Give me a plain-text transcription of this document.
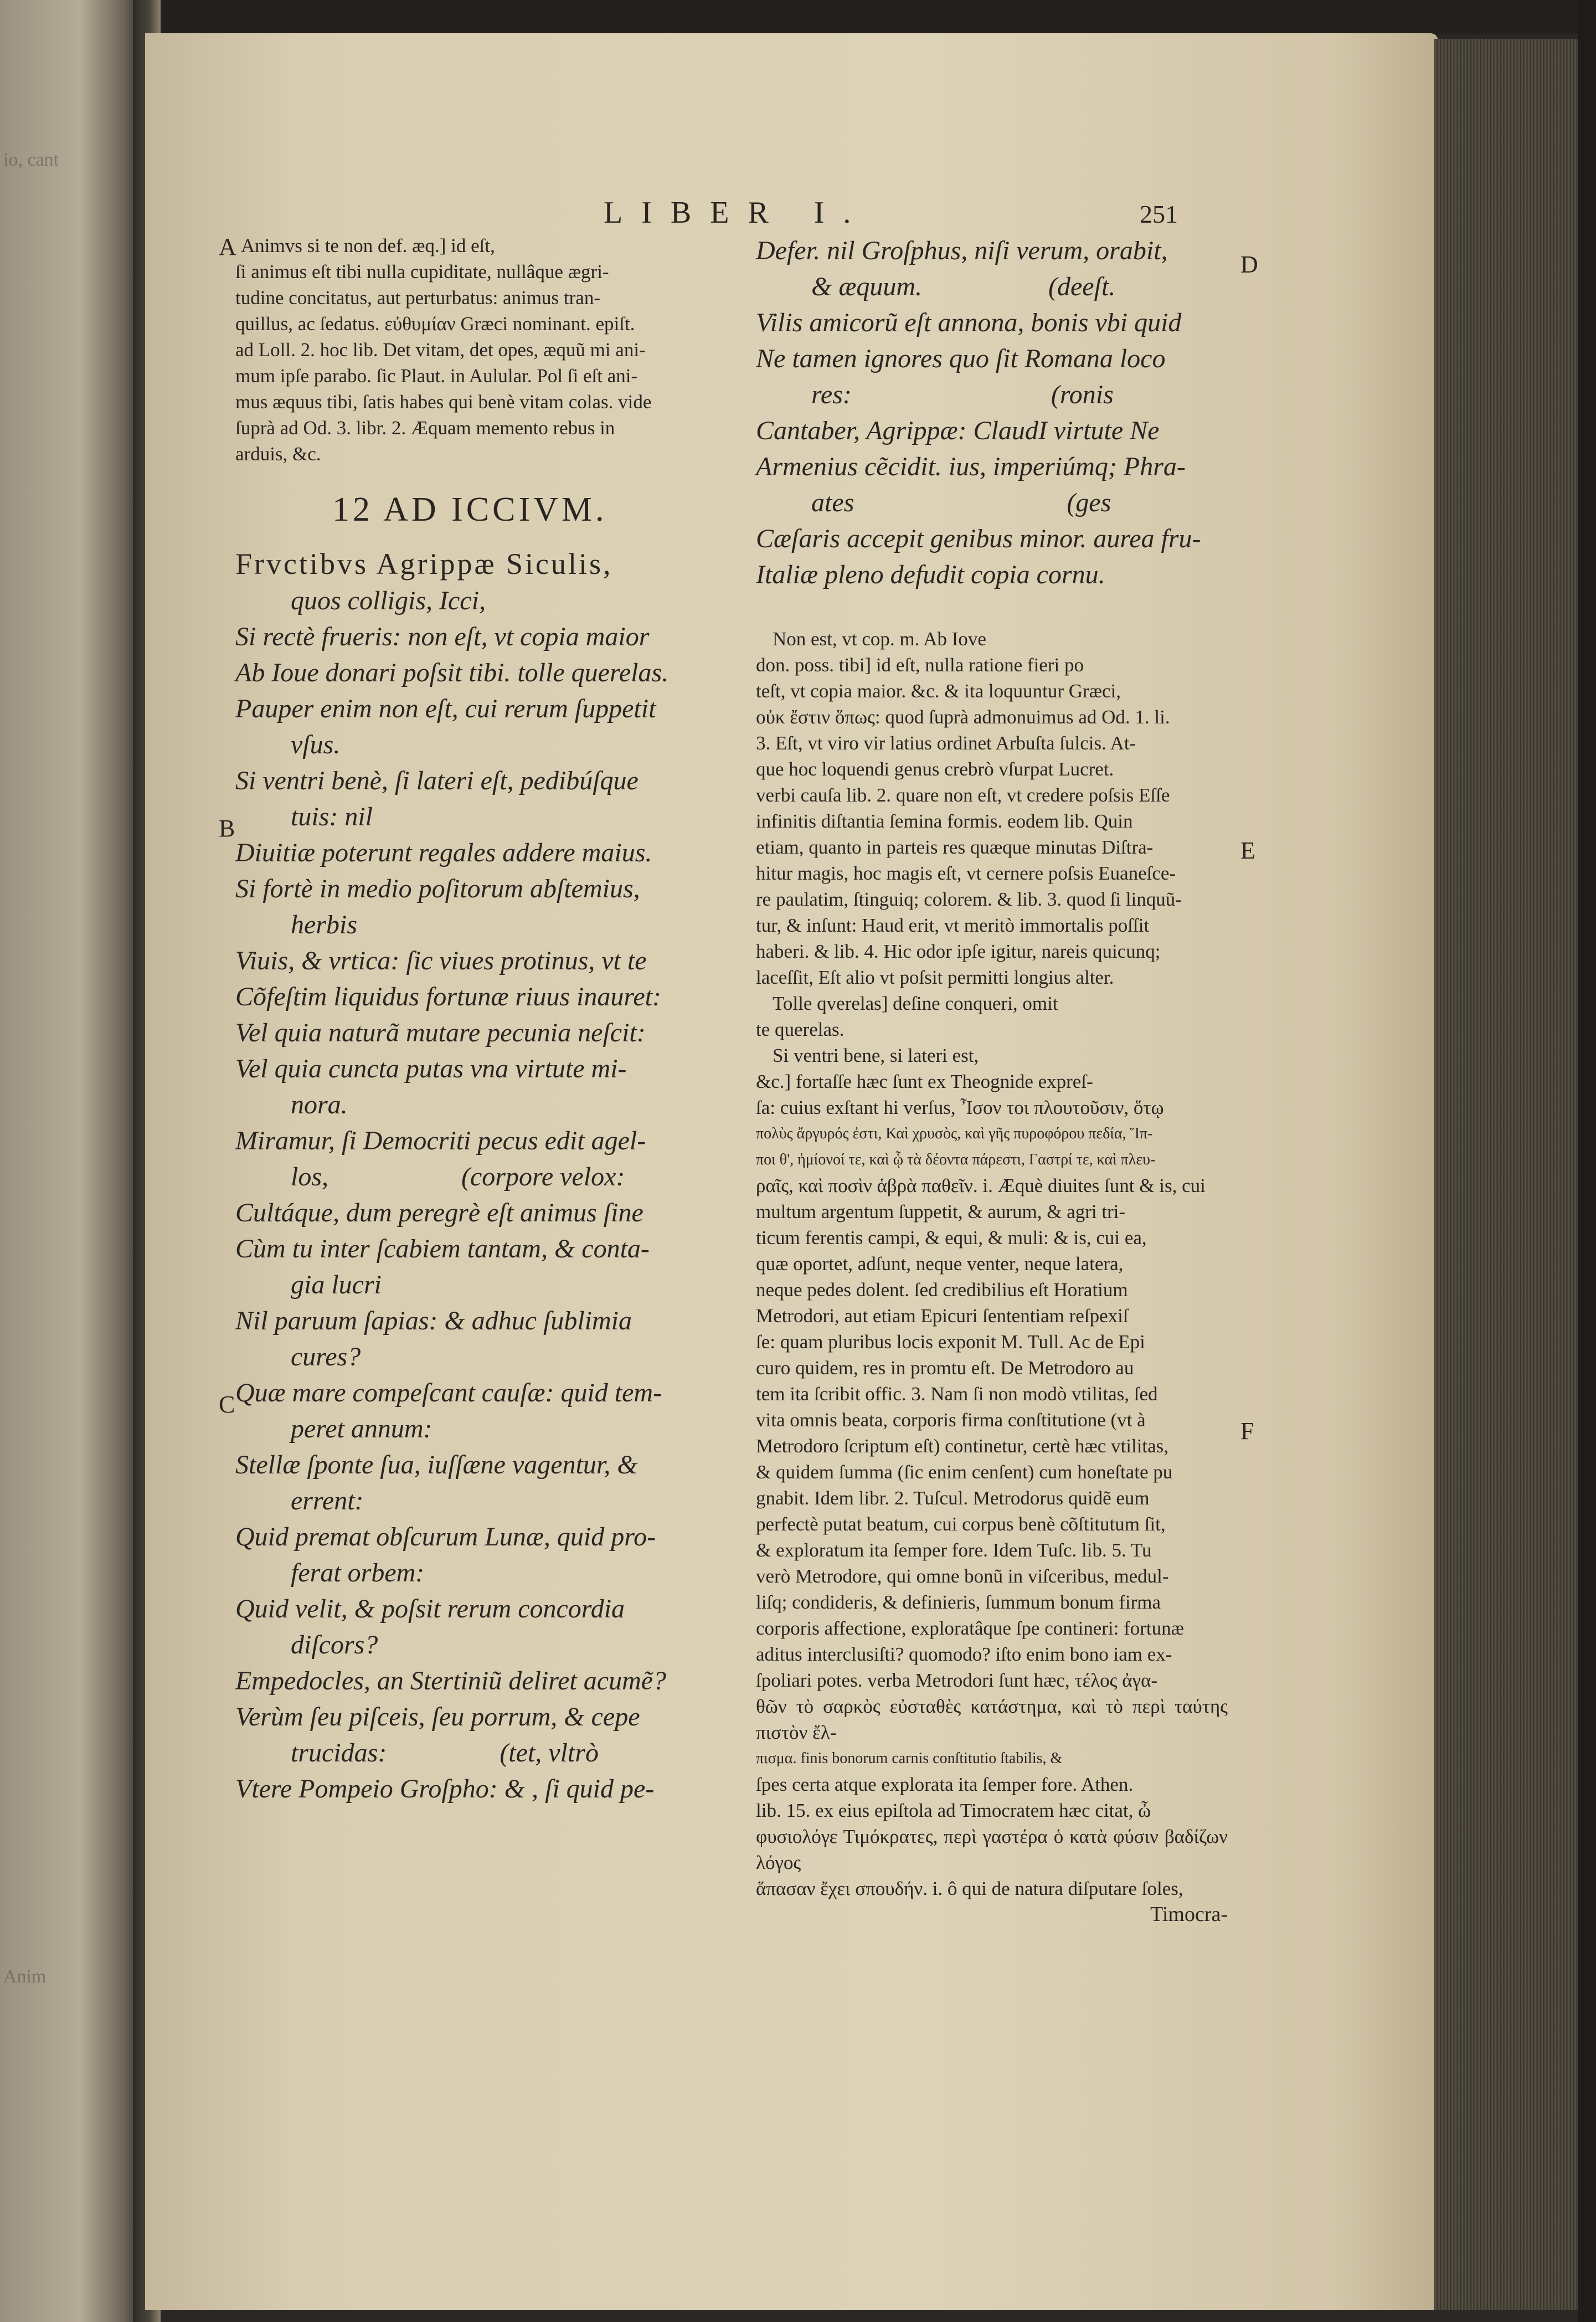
io, cant
Anim
LIBER I.	251
A
B
C
D
E
F
Animvs si te non def. æq.] id eſt,
ſi animus eſt tibi nulla cupiditate, nullâque ægri-
tudine concitatus, aut perturbatus: animus tran-
quillus, ac ſedatus. εὐθυμίαν Græci nominant. epiſt.
ad Loll. 2. hoc lib. Det vitam, det opes, æquũ mi ani-
mum ipſe parabo. ſic Plaut. in Aulular. Pol ſi eſt ani-
mus æquus tibi, ſatis habes qui benè vitam colas. vide
ſuprà ad Od. 3. libr. 2. Æquam memento rebus in
arduis, &c.
12 AD ICCIVM.
Frvctibvs Agrippæ Siculis,
quos colligis, Icci,
Si rectè frueris: non eſt, vt copia maior
Ab Ioue donari poſsit tibi. tolle querelas.
Pauper enim non eſt, cui rerum ſuppetit
vſus.
Si ventri benè, ſi lateri eſt, pedibúſque
tuis: nil
Diuitiæ poterunt regales addere maius.
Si fortè in medio poſitorum abſtemius,
herbis
Viuis, & vrtica: ſic viues protinus, vt te
Cõfeſtim liquidus fortunæ riuus inauret:
Vel quia naturã mutare pecunia neſcit:
Vel quia cuncta putas vna virtute mi-
nora.
Miramur, ſi Democriti pecus edit agel-
los,                    (corpore velox:
Cultáque, dum peregrè eſt animus ſine
Cùm tu inter ſcabiem tantam, & conta-
gia lucri
Nil paruum ſapias: & adhuc ſublimia
cures?
Quæ mare compeſcant cauſæ: quid tem-
peret annum:
Stellæ ſponte ſua, iuſſæne vagentur, &
errent:
Quid premat obſcurum Lunæ, quid pro-
ferat orbem:
Quid velit, & poſsit rerum concordia
diſcors?
Empedocles, an Stertiniũ deliret acumẽ?
Verùm ſeu piſceis, ſeu porrum, & cepe
trucidas:                 (tet, vltrò
Vtere Pompeio Groſpho: & , ſi quid pe-
Defer. nil Groſphus, niſi verum, orabit,
& æquum.                   (deeſt.
Vilis amicorũ eſt annona, bonis vbi quid
Ne tamen ignores quo ſit Romana loco
res:                              (ronis
Cantaber, Agrippæ: ClaudI virtute Ne
Armenius cẽcidit. ius, imperiúmq; Phra-
ates                                (ges
Cæſaris accepit genibus minor. aurea fru-
Italiæ pleno defudit copia cornu.
Non est, vt cop. m. Ab Iove
don. poss. tibi] id eſt, nulla ratione fieri po
teſt, vt copia maior. &c. & ita loquuntur Græci,
οὐκ ἔστιν ὅπως: quod ſuprà admonuimus ad Od. 1. li.
3. Eſt, vt viro vir latius ordinet Arbuſta ſulcis. At-
que hoc loquendi genus crebrò vſurpat Lucret.
verbi cauſa lib. 2. quare non eſt, vt credere poſsis Eſſe
infinitis diſtantia ſemina formis. eodem lib. Quin
etiam, quanto in parteis res quæque minutas Diſtra-
hitur magis, hoc magis eſt, vt cernere poſsis Euaneſce-
re paulatim, ſtinguiq; colorem. & lib. 3. quod ſi linquũ-
tur, & inſunt: Haud erit, vt meritò immortalis poſſit
haberi. & lib. 4. Hic odor ipſe igitur, nareis quicunq;
laceſſit, Eſt alio vt poſsit permitti longius alter.
Tolle qverelas] deſine conqueri, omit
te querelas.
Si ventri bene, si lateri est,
&c.] fortaſſe hæc ſunt ex Theognide expreſ-
ſa: cuius exſtant hi verſus, Ἶσον τοι πλουτοῦσιν, ὅτῳ
πολὺς ἄργυρός ἐστι, Καὶ χρυσὸς, καὶ γῆς πυροφόρου πεδία, Ἵπ-
ποι θ', ἡμίονοί τε, καὶ ᾧ τὰ δέοντα πάρεστι, Γαστρί τε, καὶ πλευ-
ραῖς, καὶ ποσὶν ἁβρὰ παθεῖν. i. Æquè diuites ſunt & is, cui
multum argentum ſuppetit, & aurum, & agri tri-
ticum ferentis campi, & equi, & muli: & is, cui ea,
quæ oportet, adſunt, neque venter, neque latera,
neque pedes dolent. ſed credibilius eſt Horatium
Metrodori, aut etiam Epicuri ſententiam reſpexiſ
ſe: quam pluribus locis exponit M. Tull. Ac de Epi
curo quidem, res in promtu eſt. De Metrodoro au
tem ita ſcribit offic. 3. Nam ſi non modò vtilitas, ſed
vita omnis beata, corporis firma conſtitutione (vt à
Metrodoro ſcriptum eſt) continetur, certè hæc vtilitas,
& quidem ſumma (ſic enim cenſent) cum honeſtate pu
gnabit. Idem libr. 2. Tuſcul. Metrodorus quidẽ eum
perfectè putat beatum, cui corpus benè cõſtitutum ſit,
& exploratum ita ſemper fore. Idem Tuſc. lib. 5. Tu
verò Metrodore, qui omne bonũ in viſceribus, medul-
liſq; condideris, & definieris, ſummum bonum firma
corporis affectione, exploratâque ſpe contineri: fortunæ
aditus interclusiſti? quomodo? iſto enim bono iam ex-
ſpoliari potes. verba Metrodori ſunt hæc, τέλος ἀγα-
θῶν τὸ σαρκὸς εὐσταθὲς κατάστημα, καὶ τὸ περὶ ταύτης πιστὸν ἔλ-
πισμα. finis bonorum carnis conſtitutio ſtabilis, &
ſpes certa atque explorata ita ſemper fore. Athen.
lib. 15. ex eius epiſtola ad Timocratem hæc citat, ὦ
φυσιολόγε Τιμόκρατες, περὶ γαστέρα ὁ κατὰ φύσιν βαδίζων λόγος
ἅπασαν ἔχει σπουδήν. i. ô qui de natura diſputare ſoles,
Timocra-
